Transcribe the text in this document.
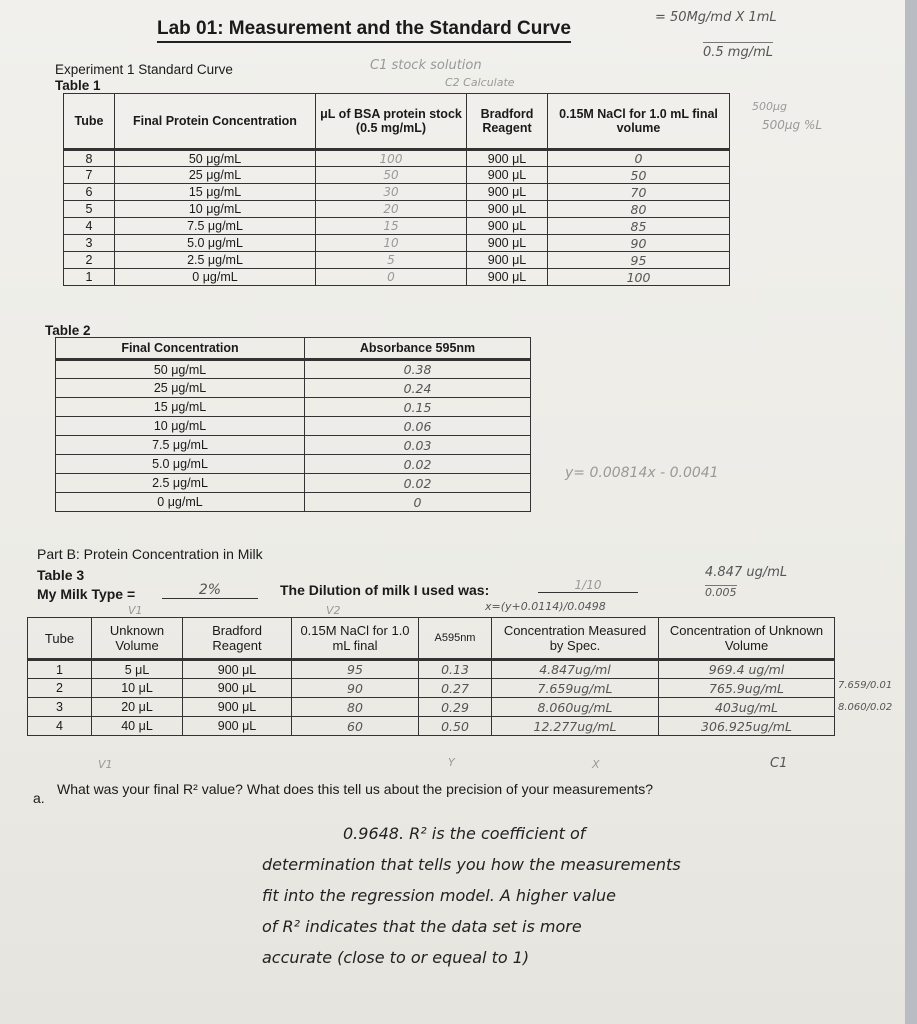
Lab 01: Measurement and the Standard Curve
= 50Mg/md X 1mL
0.5 mg/mL
Experiment 1 Standard Curve
Table 1
C1 stock solution
C2 Calculate
500μg
500μg %L
Tube	Final Protein Concentration	μL of BSA protein stock (0.5 mg/mL)	Bradford Reagent	0.15M NaCl for 1.0 mL final volume
8	50 μg/mL	100	900 μL	0
7	25 μg/mL	50	900 μL	50
6	15 μg/mL	30	900 μL	70
5	10 μg/mL	20	900 μL	80
4	7.5 μg/mL	15	900 μL	85
3	5.0 μg/mL	10	900 μL	90
2	2.5 μg/mL	5	900 μL	95
1	0 μg/mL	0	900 μL	100
Table 2
Final Concentration	Absorbance 595nm
50 μg/mL	0.38
25 μg/mL	0.24
15 μg/mL	0.15
10 μg/mL	0.06
7.5 μg/mL	0.03
5.0 μg/mL	0.02
2.5 μg/mL	0.02
0 μg/mL	0
y= 0.00814x - 0.0041
Part B: Protein Concentration in Milk
Table 3
My Milk Type =	2%	The Dilution of milk I used was:	1/10
x=(y+0.0114)/0.0498
4.847 ug/mL
0.005
V1	V2
Tube	Unknown Volume	Bradford Reagent	0.15M NaCl for 1.0 mL final	A595nm	Concentration Measured by Spec.	Concentration of Unknown Volume
1	5 μL	900 μL	95	0.13	4.847ug/ml	969.4 ug/ml
2	10 μL	900 μL	90	0.27	7.659ug/mL	765.9ug/mL
3	20 μL	900 μL	80	0.29	8.060ug/mL	403ug/mL
4	40 μL	900 μL	60	0.50	12.277ug/mL	306.925ug/mL
7.659/0.01
8.060/0.02
V1	Y	X	C1
a.
What was your final R² value? What does this tell us about the precision of your measurements?
0.9648. R² is the coefficient of
determination that tells you how the measurements
fit into the regression model. A higher value
of R² indicates that the data set is more
accurate (close to or equeal to 1)
